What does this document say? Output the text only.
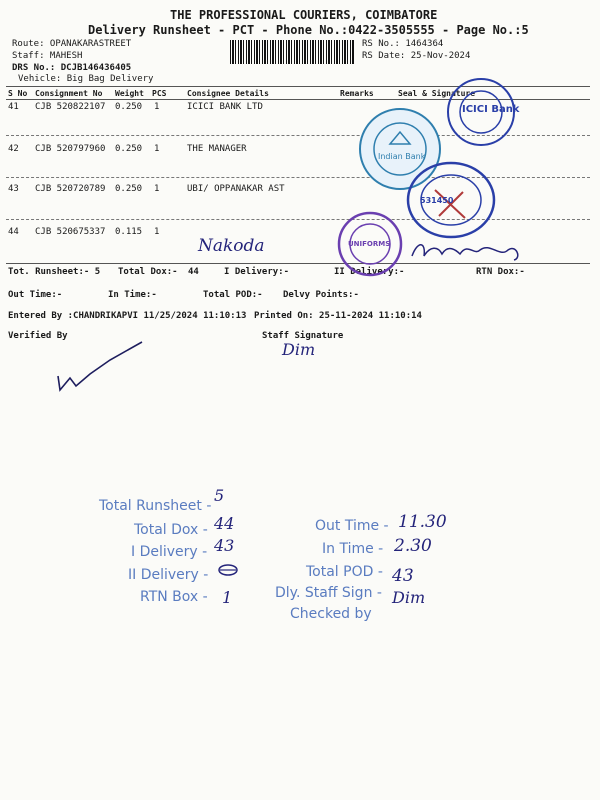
THE PROFESSIONAL COURIERS, COIMBATORE
Delivery Runsheet - PCT - Phone No.:0422-3505555 - Page No.:5
Route: OPANAKARASTREET
Staff: MAHESH
DRS No.: DCJB146436405
Vehicle: Big Bag Delivery
RS No.: 1464364
RS Date: 25-Nov-2024
S No Consignment No Weight PCS	Consignee Details	Remarks	Seal & Signature
41 CJB 520822107 0.250 1	ICICI BANK LTD
42 CJB 520797960 0.250 1	THE MANAGER
43 CJB 520720789 0.250 1	UBI/ OPPANAKAR AST
44 CJB 520675337 0.115 1
Nakoda
Tot. Runsheet:- 5 Total Dox:- 44	I Delivery:-	II Delivery:-	RTN Dox:-
Out Time:-	In Time:-	Total POD:- Delvy Points:-
Entered By :CHANDRIKAPVI 11/25/2024 11:10:13 Printed On: 25-11-2024 11:10:14
Verified By	Staff Signature
Dim
ICICI Bank
Indian Bank
531450
UNIFORMS
Total Runsheet -
5
Total Dox - 44
I Delivery - 43
II Delivery -
RTN Box - 1
Out Time - 11.30
In Time - 2.30
Total POD - 43
Dly. Staff Sign - Dim
Checked by
